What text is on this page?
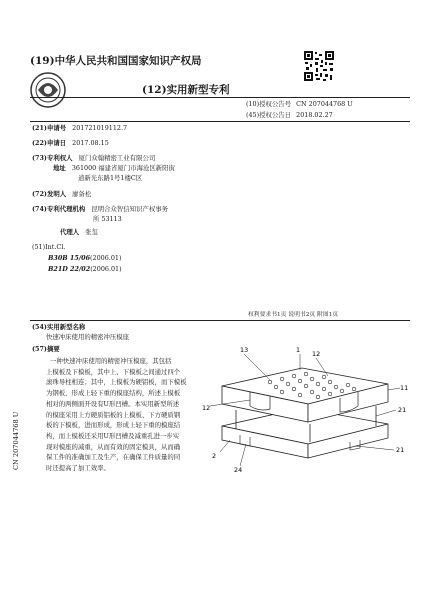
(19)中华人民共和国国家知识产权局
(12)实用新型专利
(10)授权公告号 CN 207044768 U
(45)授权公告日 2018.02.27
(21)申请号 201721019112.7
(22)申请日 2017.08.15
(73)专利权人 厦门众翰精密工业有限公司
地址 361000 福建省厦门市海沧区新阳街
道新光东路1号1楼C区
(72)发明人 廖备松
(74)专利代理机构 昆明合众智信知识产权事务
所 53113
代理人 张玺
(51)Int.Cl.
B30B 15/06(2006.01)
B21D 22/02(2006.01)
权利要求书1页 说明书2页 附图1页
(54)实用新型名称
快速冲床使用的精密冲压模座
(57)摘要
一种快速冲床使用的精密冲压模座，其包括
上模板及下模板，其中上、下模板之间通过四个
滚珠导柱相连；其中，上模板为硬铝板，而下模板
为钢板，形成上轻下重的模座结构，所述上模板
相对的两侧面开设有U形凹槽。本实用新型所述
的模座采用上方硬质铝板的上模板、下方硬质钢
板的下模板，进而形成，形成上轻下重的模座结
构，而上模板还采用U形凹槽及减重孔进一步实
现对模座的减重，从而有效的固定模具，从而确
保工件的准确加工及生产，在确保工件质量的同
时还提高了加工效率。
13	1 12
11
12	21
2
24
21
CN 207044768 U
